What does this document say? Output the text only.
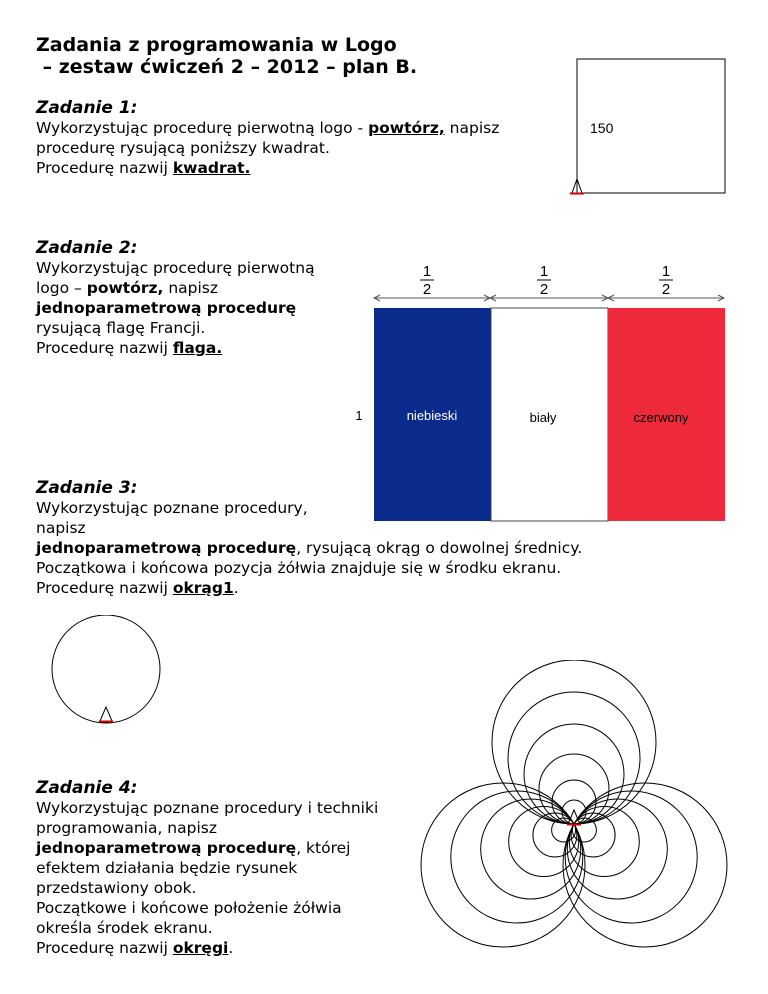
Zadania z programowania w Logo
– zestaw ćwiczeń 2 – 2012 – plan B.
Zadanie 1:
Wykorzystując procedurę pierwotną logo - powtórz, napisz
procedurę rysującą poniższy kwadrat.
Procedurę nazwij kwadrat.
150
Zadanie 2:
Wykorzystując procedurę pierwotną
logo – powtórz, napisz
jednoparametrową procedurę
rysującą flagę Francji.
Procedurę nazwij flaga.
1
2
1
2
1
2
niebieski	biały	czerwony
1
Zadanie 3:
Wykorzystując poznane procedury,
napisz
jednoparametrową procedurę, rysującą okrąg o dowolnej średnicy.
Początkowa i końcowa pozycja żółwia znajduje się w środku ekranu.
Procedurę nazwij okrąg1.
Zadanie 4:
Wykorzystując poznane procedury i techniki
programowania, napisz
jednoparametrową procedurę, której
efektem działania będzie rysunek
przedstawiony obok.
Początkowe i końcowe położenie żółwia
określa środek ekranu.
Procedurę nazwij okręgi.
